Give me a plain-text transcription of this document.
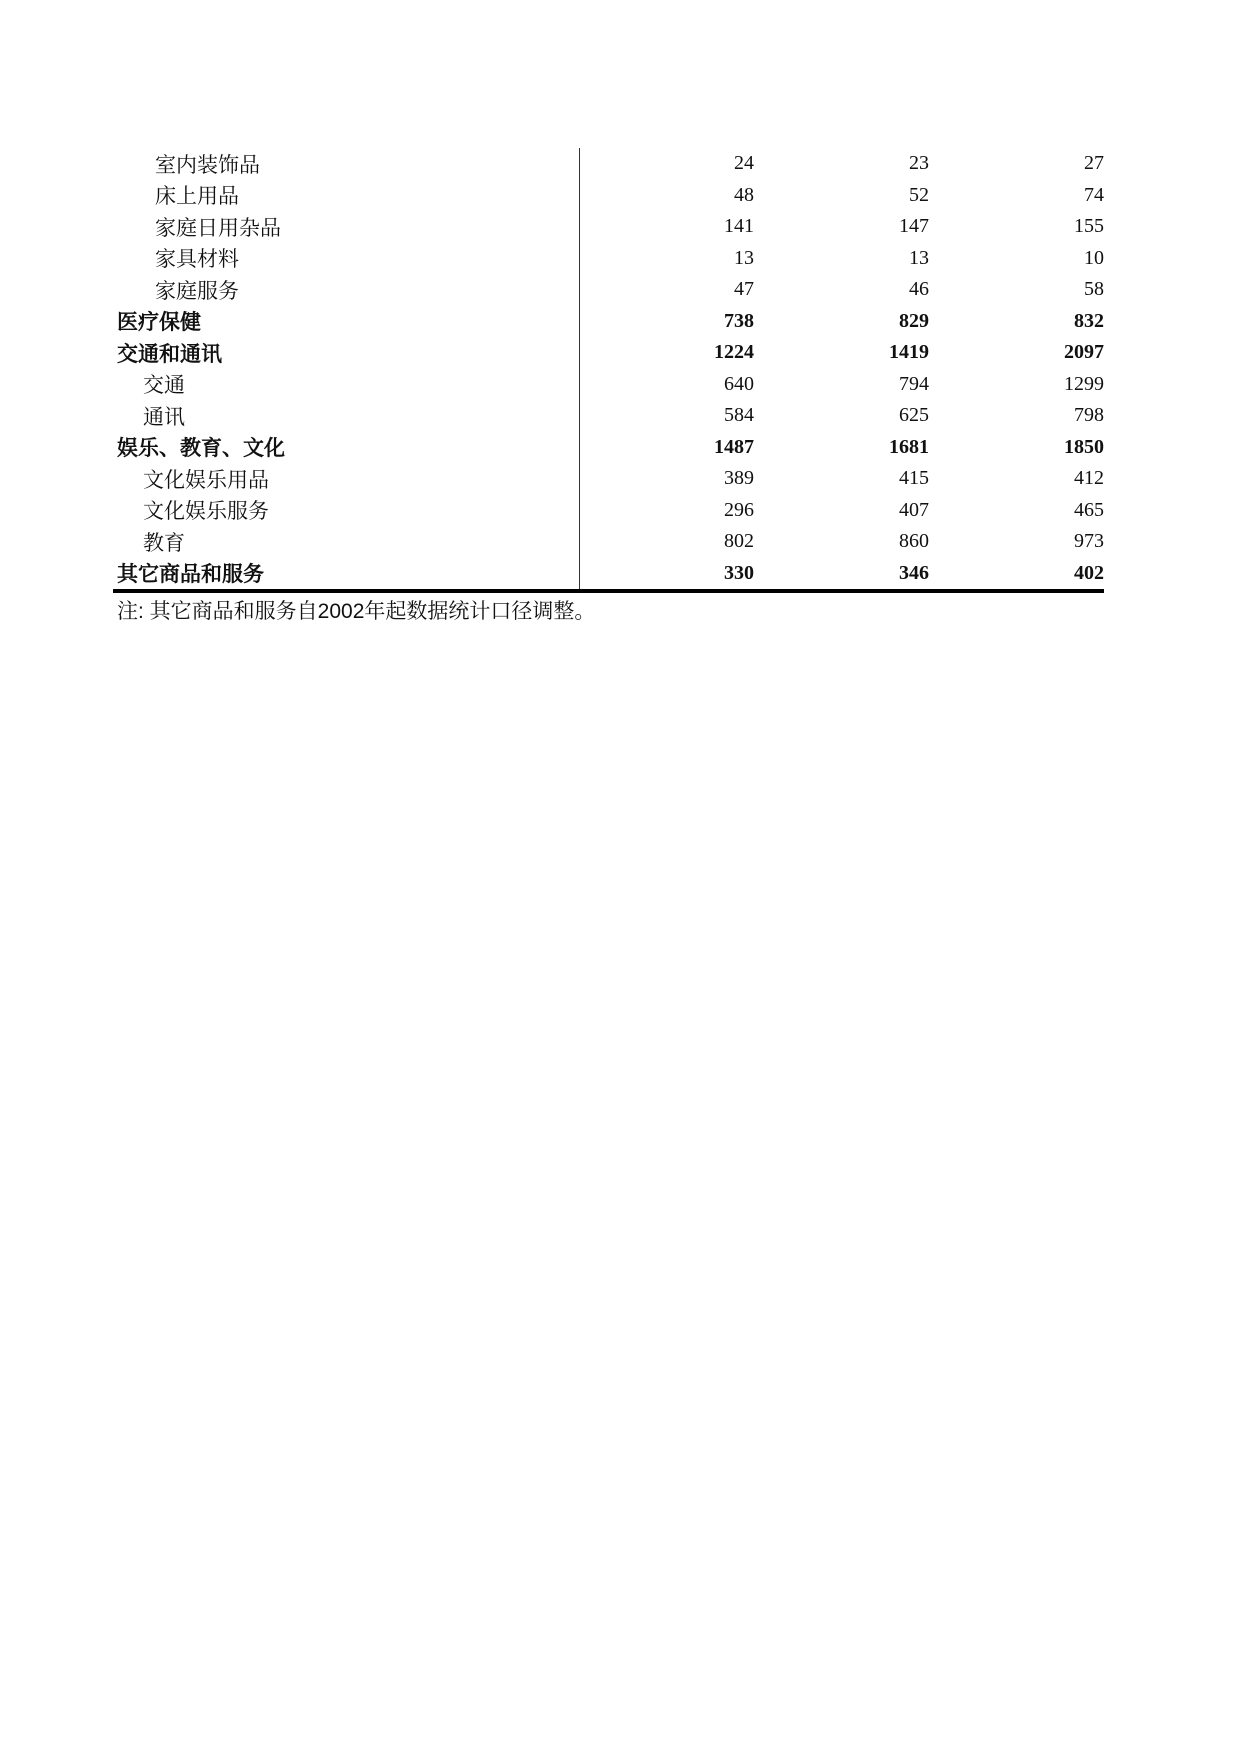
室内装饰品	24	23	27
床上用品	48	52	74
家庭日用杂品	141	147	155
家具材料	13	13	10
家庭服务	47	46	58
医疗保健	738	829	832
交通和通讯	1224	1419	2097
交通	640	794	1299
通讯	584	625	798
娱乐、教育、文化	1487	1681	1850
文化娱乐用品	389	415	412
文化娱乐服务	296	407	465
教育	802	860	973
其它商品和服务	330	346	402
注: 其它商品和服务自2002年起数据统计口径调整。
